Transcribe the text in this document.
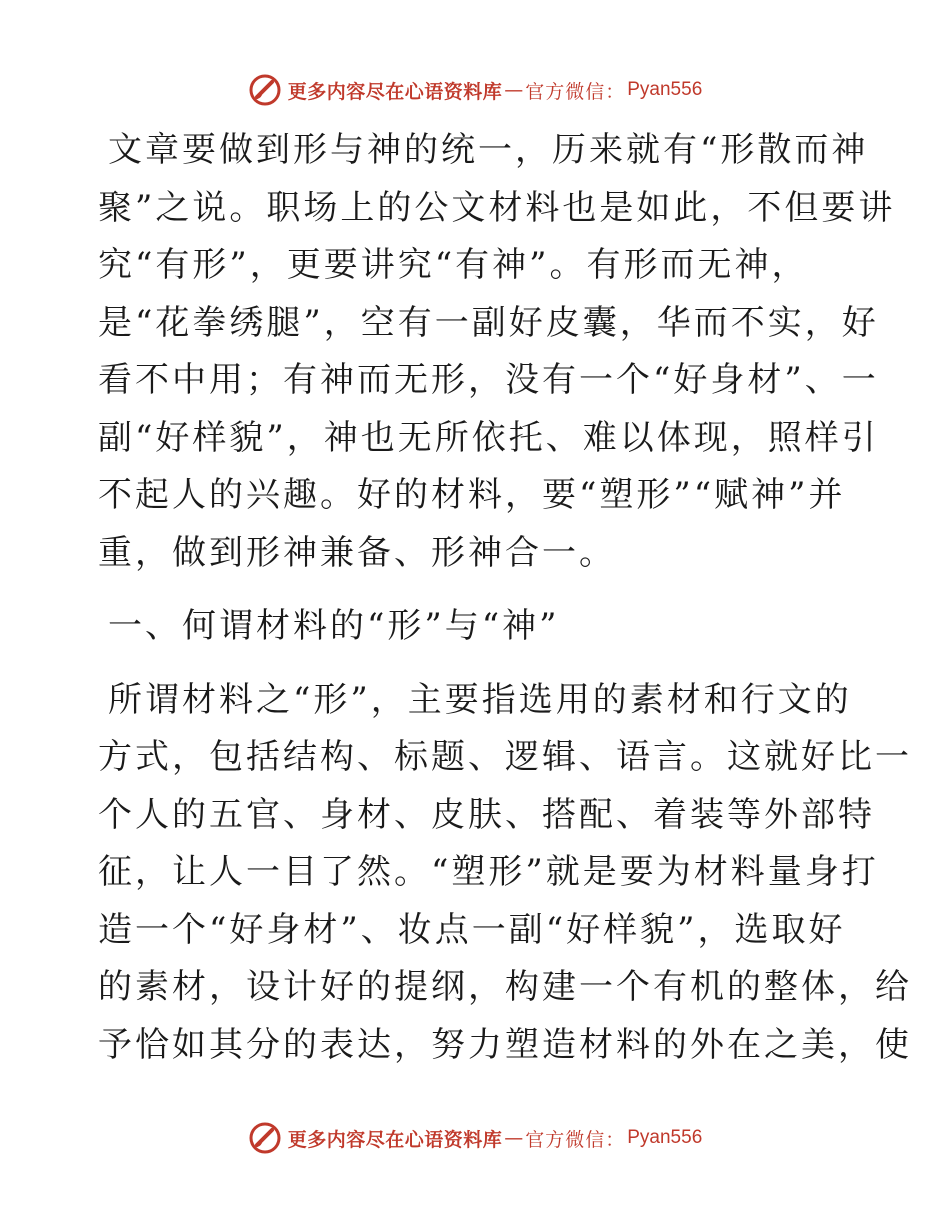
更多内容尽在心语资料库 — 官方微信： Pyan556

文章要做到形与神的统一，历来就有“形散而神
聚”之说。职场上的公文材料也是如此，不但要讲
究“有形”，更要讲究“有神”。有形而无神，
是“花拳绣腿”，空有一副好皮囊，华而不实，好
看不中用；有神而无形，没有一个“好身材”、一
副“好样貌”，神也无所依托、难以体现，照样引
不起人的兴趣。好的材料，要“塑形”“赋神”并
重，做到形神兼备、形神合一。

一、何谓材料的“形”与“神”

所谓材料之“形”，主要指选用的素材和行文的
方式，包括结构、标题、逻辑、语言。这就好比一
个人的五官、身材、皮肤、搭配、着装等外部特
征，让人一目了然。“塑形”就是要为材料量身打
造一个“好身材”、妆点一副“好样貌”，选取好
的素材，设计好的提纲，构建一个有机的整体，给
予恰如其分的表达，努力塑造材料的外在之美，使

更多内容尽在心语资料库 — 官方微信： Pyan556
